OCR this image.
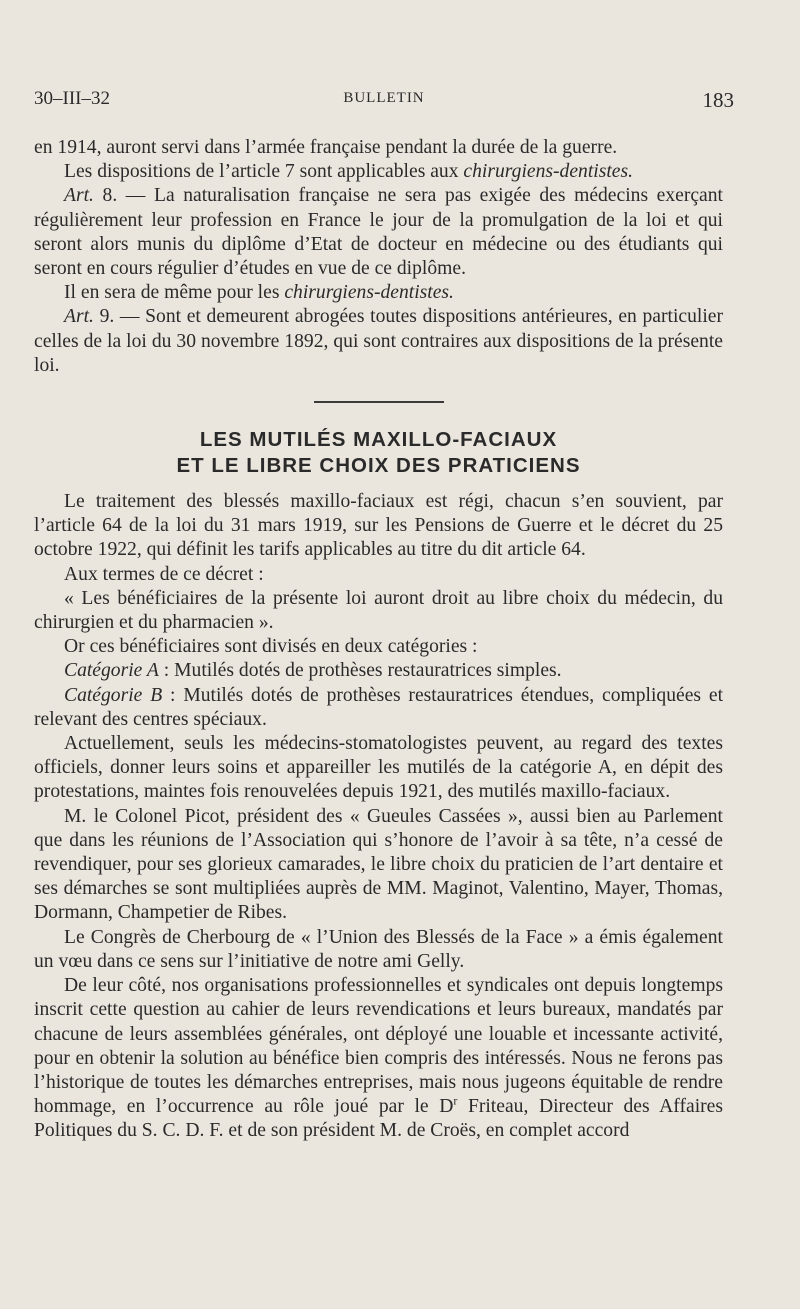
30–III–32	BULLETIN	183

en 1914, auront servi dans l’armée française pendant la durée de la guerre.

Les dispositions de l’article 7 sont applicables aux chirurgiens-dentistes.

Art. 8. — La naturalisation française ne sera pas exigée des médecins exerçant régulièrement leur profession en France le jour de la promulgation de la loi et qui seront alors munis du diplôme d’Etat de docteur en médecine ou des étudiants qui seront en cours régulier d’études en vue de ce diplôme.

Il en sera de même pour les chirurgiens-dentistes.

Art. 9. — Sont et demeurent abrogées toutes dispositions antérieures, en particulier celles de la loi du 30 novembre 1892, qui sont contraires aux dispositions de la présente loi.

LES MUTILÉS MAXILLO-FACIAUX
ET LE LIBRE CHOIX DES PRATICIENS

Le traitement des blessés maxillo-faciaux est régi, chacun s’en souvient, par l’article 64 de la loi du 31 mars 1919, sur les Pensions de Guerre et le décret du 25 octobre 1922, qui définit les tarifs applicables au titre du dit article 64.

Aux termes de ce décret :

« Les bénéficiaires de la présente loi auront droit au libre choix du médecin, du chirurgien et du pharmacien ».

Or ces bénéficiaires sont divisés en deux catégories :

Catégorie A : Mutilés dotés de prothèses restauratrices simples.

Catégorie B : Mutilés dotés de prothèses restauratrices étendues, compliquées et relevant des centres spéciaux.

Actuellement, seuls les médecins-stomatologistes peuvent, au regard des textes officiels, donner leurs soins et appareiller les mutilés de la catégorie A, en dépit des protestations, maintes fois renouvelées depuis 1921, des mutilés maxillo-faciaux.

M. le Colonel Picot, président des « Gueules Cassées », aussi bien au Parlement que dans les réunions de l’Association qui s’honore de l’avoir à sa tête, n’a cessé de revendiquer, pour ses glorieux camarades, le libre choix du praticien de l’art dentaire et ses démarches se sont multipliées auprès de MM. Maginot, Valentino, Mayer, Thomas, Dormann, Champetier de Ribes.

Le Congrès de Cherbourg de « l’Union des Blessés de la Face » a émis également un vœu dans ce sens sur l’initiative de notre ami Gelly.

De leur côté, nos organisations professionnelles et syndicales ont depuis longtemps inscrit cette question au cahier de leurs revendications et leurs bureaux, mandatés par chacune de leurs assemblées générales, ont déployé une louable et incessante activité, pour en obtenir la solution au bénéfice bien compris des intéressés. Nous ne ferons pas l’historique de toutes les démarches entreprises, mais nous jugeons équitable de rendre hommage, en l’occurrence au rôle joué par le $D^r$ Friteau, Directeur des Affaires Politiques du S. C. D. F. et de son président M. de Croës, en complet accord
